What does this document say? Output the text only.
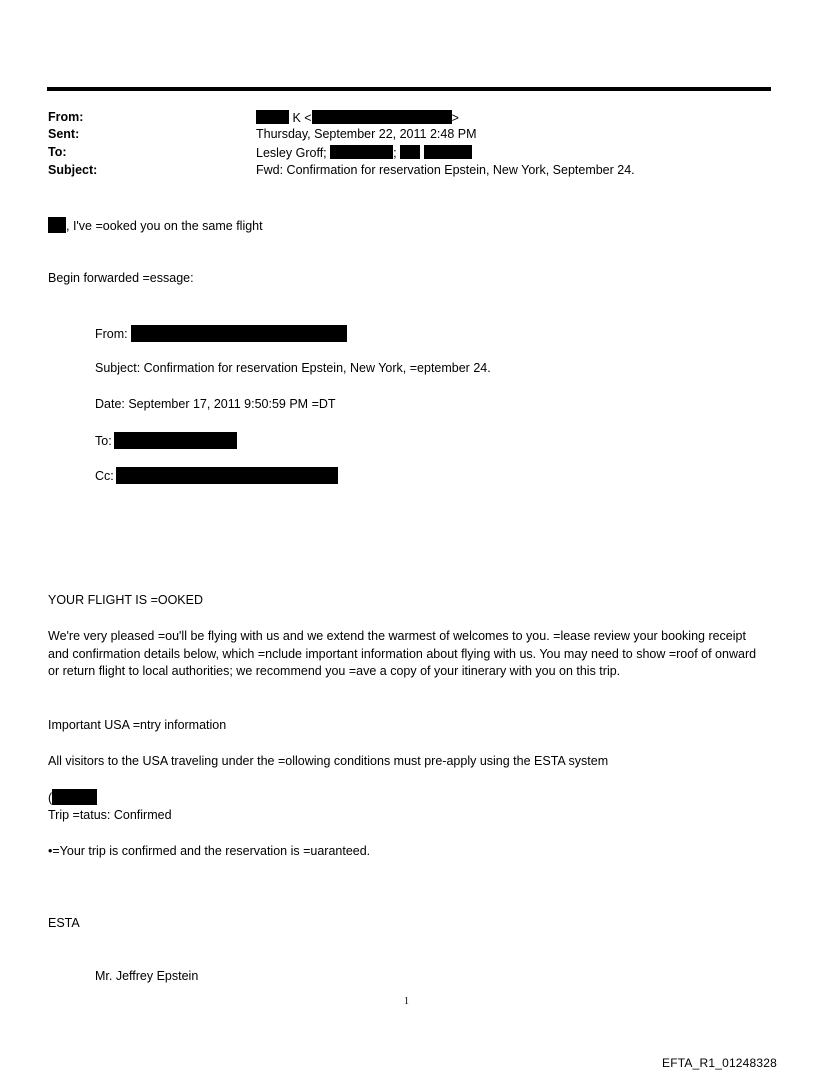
From:
Sent:
To:
Subject:
K <	>
Thursday, September 22, 2011 2:48 PM
Lesley Groff;	;
Fwd: Confirmation for reservation Epstein, New York, September 24.
, I've =ooked you on the same flight
Begin forwarded =essage:
From:
Subject: Confirmation for reservation Epstein, New York, =eptember 24.
Date: September 17, 2011 9:50:59 PM =DT
To:
Cc:
YOUR FLIGHT IS =OOKED
We're very pleased =ou'll be flying with us and we extend the warmest of welcomes to you. =lease review your booking receipt and confirmation details below, which =nclude important information about flying with us. You may need to show =roof of onward or return flight to local authorities; we recommend you =ave a copy of your itinerary with you on this trip.
Important USA =ntry information
All visitors to the USA traveling under the =ollowing conditions must pre-apply using the ESTA system
(
Trip =tatus: Confirmed
•=Your trip is confirmed and the reservation is =uaranteed.
ESTA
Mr. Jeffrey Epstein
1
EFTA_R1_01248328
